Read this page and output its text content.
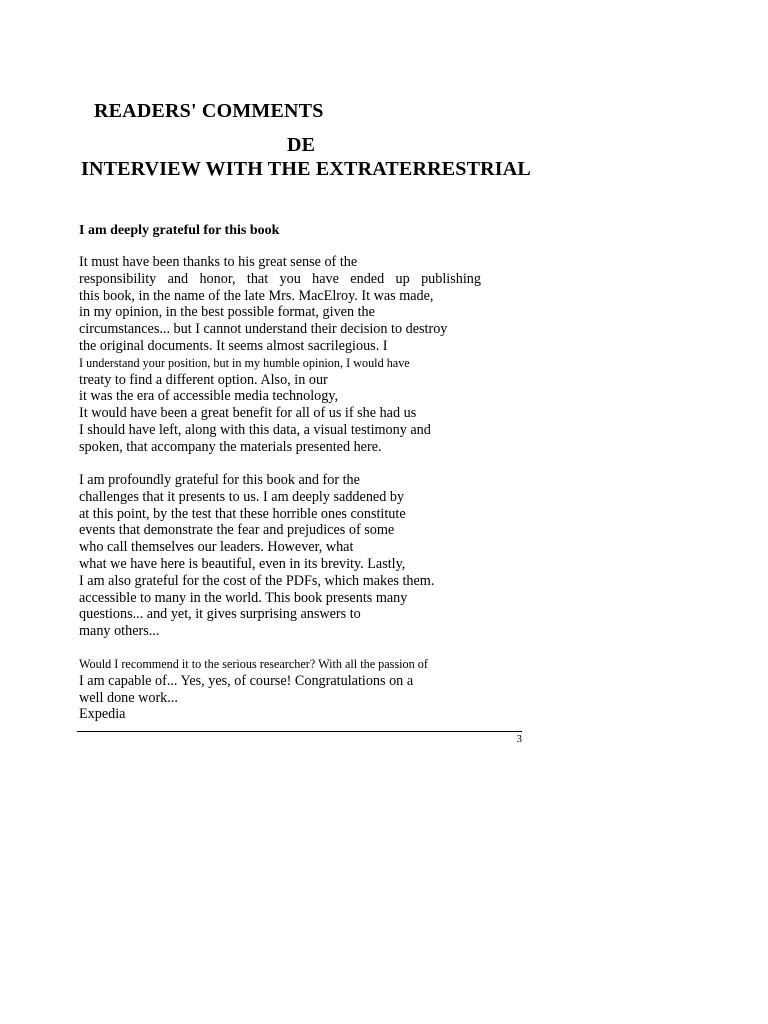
READERS' COMMENTS
DE
INTERVIEW WITH THE EXTRATERRESTRIAL
I am deeply grateful for this book
It must have been thanks to his great sense of the
responsibility and honor, that you have ended up publishing
this book, in the name of the late Mrs. MacElroy. It was made,
in my opinion, in the best possible format, given the
circumstances... but I cannot understand their decision to destroy
the original documents. It seems almost sacrilegious. I
I understand your position, but in my humble opinion, I would have
treaty to find a different option. Also, in our
it was the era of accessible media technology,
It would have been a great benefit for all of us if she had us
I should have left, along with this data, a visual testimony and
spoken, that accompany the materials presented here.
I am profoundly grateful for this book and for the
challenges that it presents to us. I am deeply saddened by
at this point, by the test that these horrible ones constitute
events that demonstrate the fear and prejudices of some
who call themselves our leaders. However, what
what we have here is beautiful, even in its brevity. Lastly,
I am also grateful for the cost of the PDFs, which makes them.
accessible to many in the world. This book presents many
questions... and yet, it gives surprising answers to
many others...
Would I recommend it to the serious researcher? With all the passion of
I am capable of... Yes, yes, of course! Congratulations on a
well done work...
Expedia
3
